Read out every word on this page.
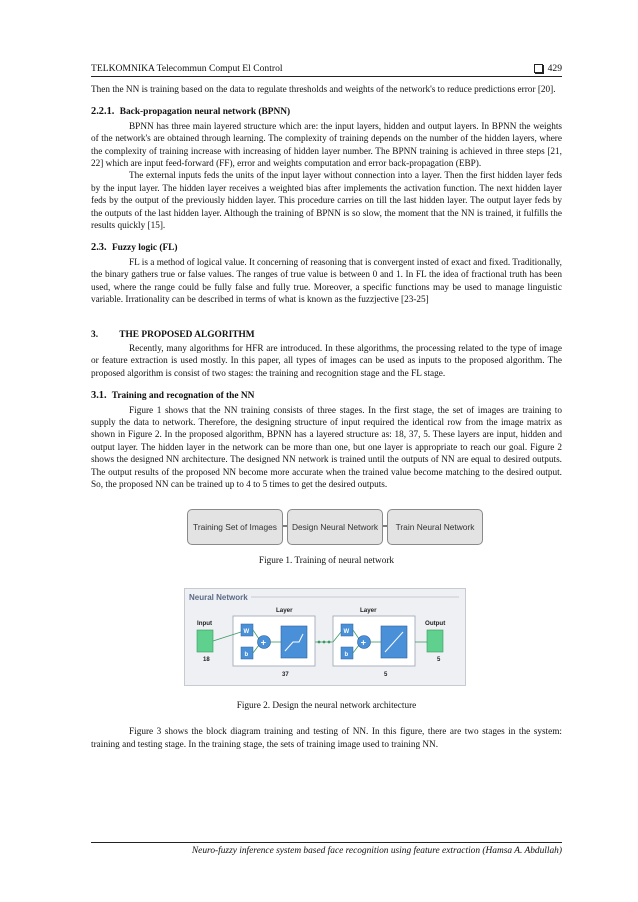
TELKOMNIKA Telecommun Comput El Control	429

Then the NN is training based on the data to regulate thresholds and weights of the network's to reduce predictions error [20].

2.2.1. Back-propagation neural network (BPNN)

BPNN has three main layered structure which are: the input layers, hidden and output layers. In BPNN the weights of the network's are obtained through learning. The complexity of training depends on the number of the hidden layers, where the complexity of training increase with increasing of hidden layer number. The BPNN training is achieved in three steps [21, 22] which are input feed-forward (FF), error and weights computation and error back-propagation (EBP).

The external inputs feds the units of the input layer without connection into a layer. Then the first hidden layer feds by the input layer. The hidden layer receives a weighted bias after implements the activation function. The next hidden layer feds by the output of the previously hidden layer. This procedure carries on till the last hidden layer. The output layer feds by the outputs of the last hidden layer. Although the training of BPNN is so slow, the moment that the NN is trained, it fulfills the results quickly [15].

2.3. Fuzzy logic (FL)

FL is a method of logical value. It concerning of reasoning that is convergent insted of exact and fixed. Traditionally, the binary gathers true or false values. The ranges of true value is between 0 and 1. In FL the idea of fractional truth has been used, where the range could be fully false and fully true. Moreover, a specific functions may be used to manage linguistic variable. Irrationality can be described in terms of what is known as the fuzzjective [23-25]

3. THE PROPOSED ALGORITHM

Recently, many algorithms for HFR are introduced. In these algorithms, the processing related to the type of image or feature extraction is used mostly. In this paper, all types of images can be used as inputs to the proposed algorithm. The proposed algorithm is consist of two stages: the training and recognition stage and the FL stage.

3.1. Training and recognation of the NN

Figure 1 shows that the NN training consists of three stages. In the first stage, the set of images are training to supply the data to network. Therefore, the designing structure of input required the identical row from the image matrix as shown in Figure 2. In the proposed algorithm, BPNN has a layered structure as: 18, 37, 5. These layers are input, hidden and output layer. The hidden layer in the network can be more than one, but one layer is appropriate to reach our goal. Figure 2 shows the designed NN architecture. The designed NN network is trained until the outputs of NN are equal to desired outputs. The output results of the proposed NN become more accurate when the trained value become matching to the desired output. So, the proposed NN can be trained up to 4 to 5 times to get the desired outputs.

Training Set of Images	Design Neural Network	Train Neural Network
Figure 1. Training of neural network
Neural Network
Layer	Layer
Input	Output
18
W
b
+
37
W
b
+
5
5
Figure 2. Design the neural network architecture

Figure 3 shows the block diagram training and testing of NN. In this figure, there are two stages in the system: training and testing stage. In the training stage, the sets of training image used to training NN.

Neuro-fuzzy inference system based face recognition using feature extraction (Hamsa A. Abdullah)
